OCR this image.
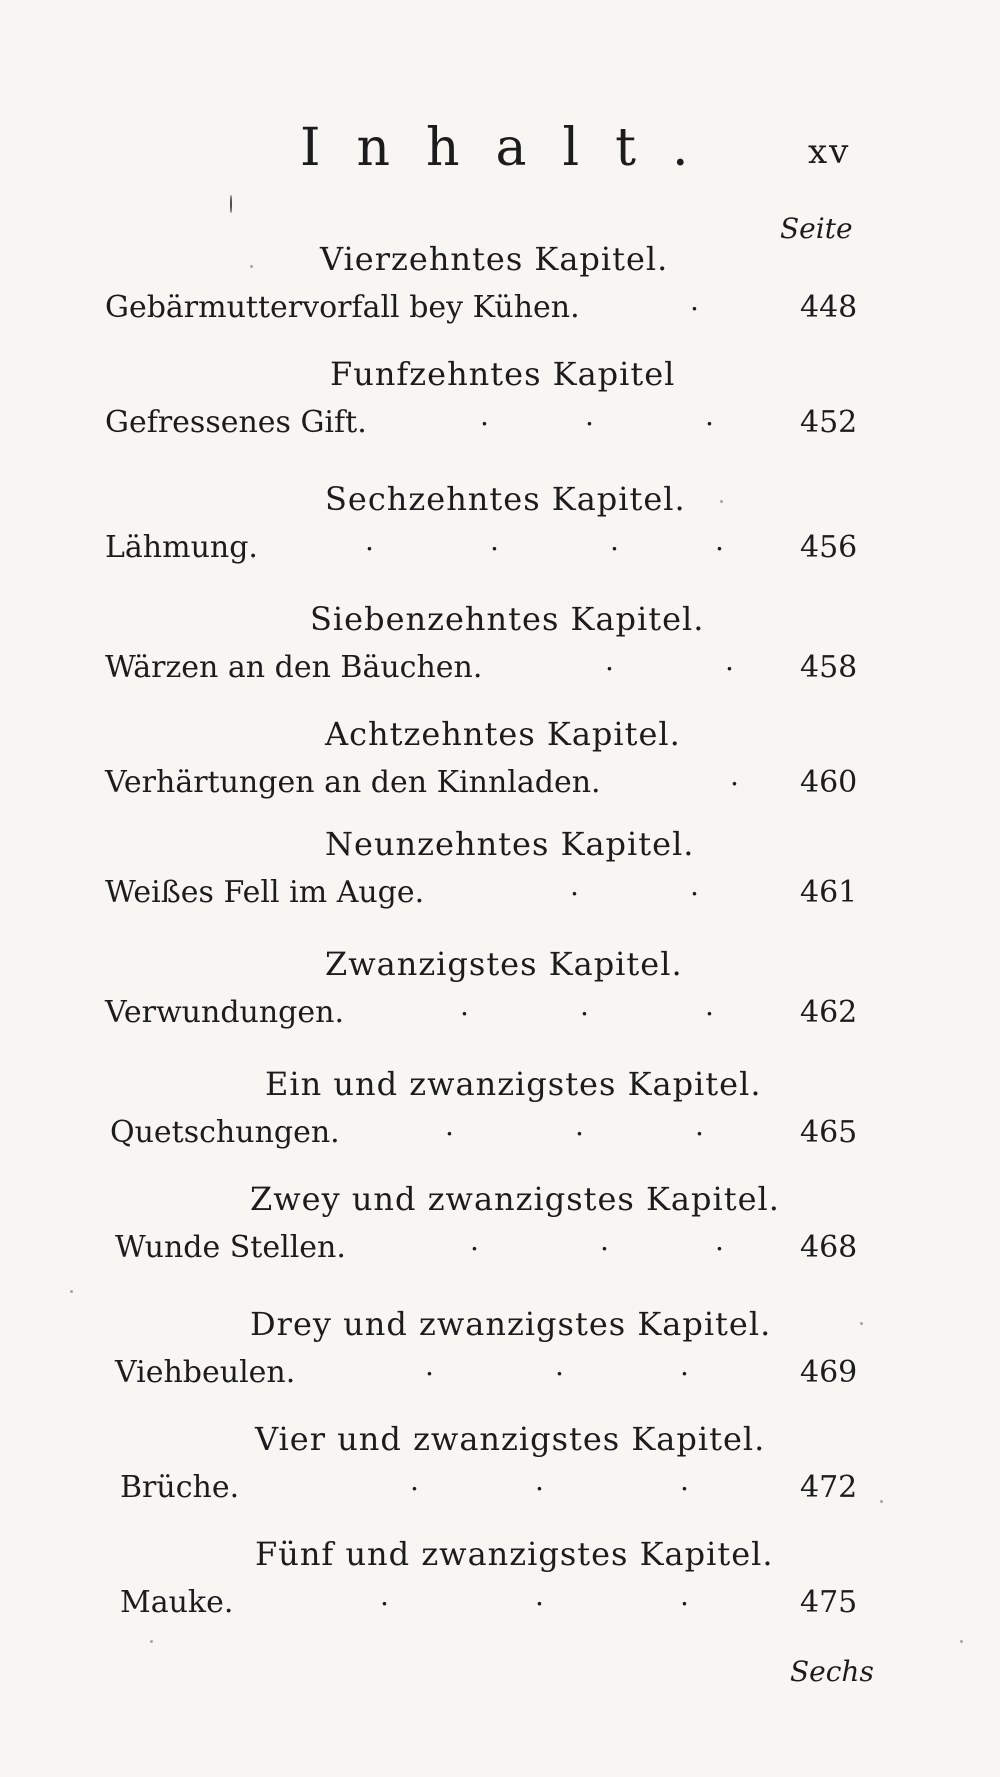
Inhalt. xv
Seite
Vierzehntes Kapitel.
Gebärmuttervorfall bey Kühen.	.	448
Funfzehntes Kapitel
Gefressenes Gift.	.	.	.	452
Sechzehntes Kapitel.
Lähmung.	.	.	.	.	456
Siebenzehntes Kapitel.
Wärzen an den Bäuchen.	.	. 458
Achtzehntes Kapitel.
Verhärtungen an den Kinnladen.	. 460
Neunzehntes Kapitel.
Weißes Fell im Auge.	.	.	461
Zwanzigstes Kapitel.
Verwundungen.	.	.	.	462
Ein und zwanzigstes Kapitel.
Quetschungen.	.	.	.	465
Zwey und zwanzigstes Kapitel.
Wunde Stellen.	.	.	.	468
Drey und zwanzigstes Kapitel.
Viehbeulen.	.	.	.	469
Vier und zwanzigstes Kapitel.
Brüche.	.	.	.	472
Fünf und zwanzigstes Kapitel.
Mauke.	.	.	.	475
Sechs
